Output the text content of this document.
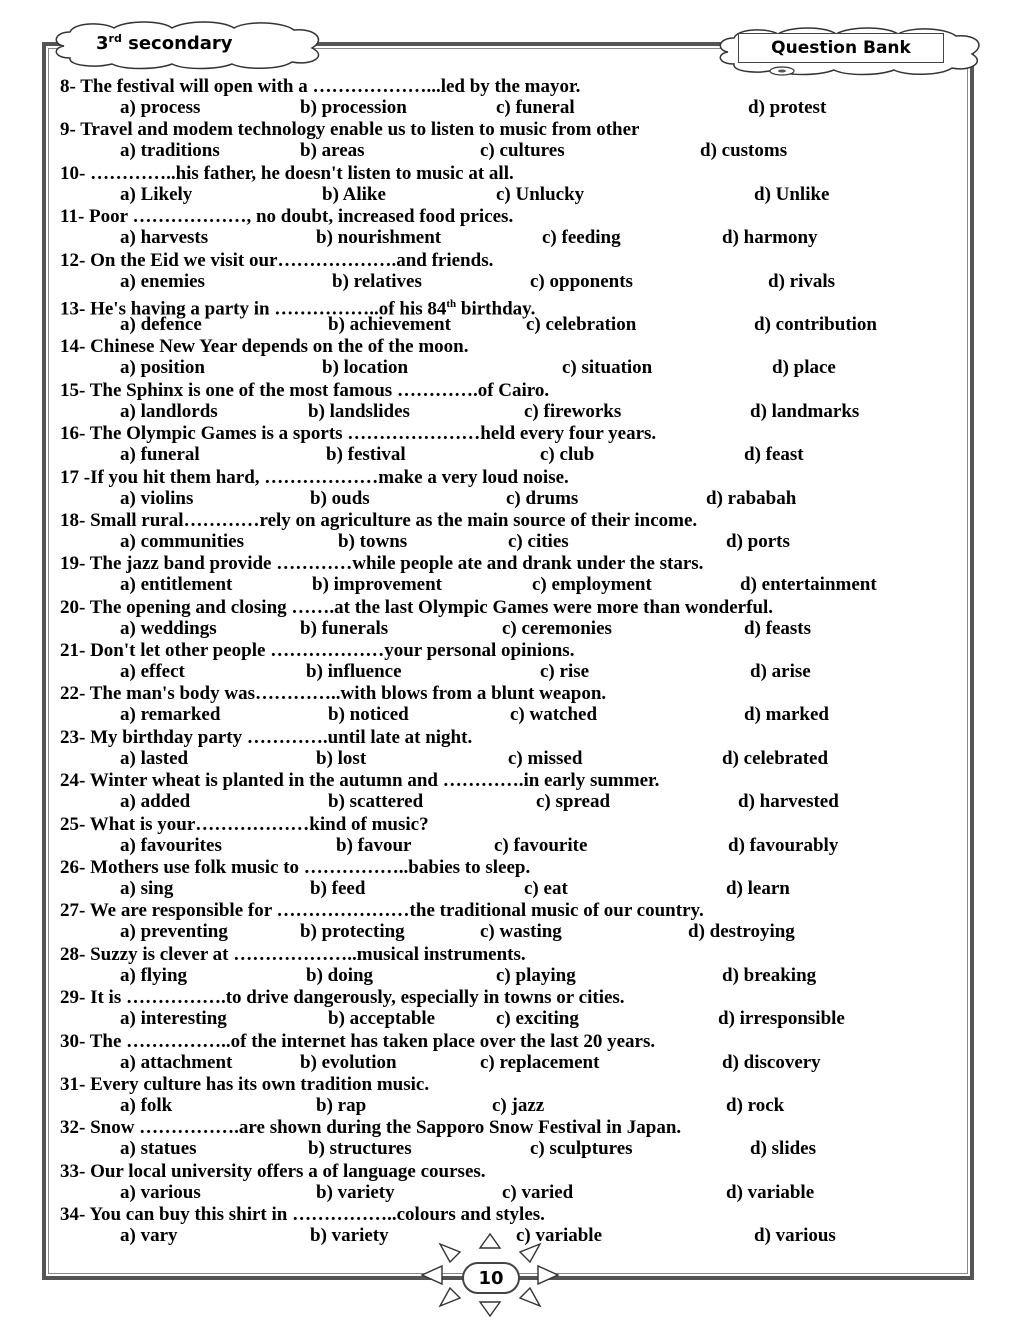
3rd secondary	Question Bank
8- The festival will open with a ………………...led by the mayor.
a) process	b) procession	c) funeral	d) protest
9- Travel and modem technology enable us to listen to music from other
a) traditions	b) areas	c) cultures	d) customs
10- …………..his father, he doesn't listen to music at all.
a) Likely	b) Alike	c) Unlucky	d) Unlike
11- Poor ………………, no doubt, increased food prices.
a) harvests	b) nourishment	c) feeding	d) harmony
12- On the Eid we visit our……………….and friends.
a) enemies	b) relatives	c) opponents	d) rivals
13- He's having a party in ……………..of his 84th birthday.
a) defence	b) achievement	c) celebration	d) contribution
14- Chinese New Year depends on the of the moon.
a) position	b) location	c) situation	d) place
15- The Sphinx is one of the most famous ………….of Cairo.
a) landlords	b) landslides	c) fireworks	d) landmarks
16- The Olympic Games is a sports …………………held every four years.
a) funeral	b) festival	c) club	d) feast
17 -If you hit them hard, ………………make a very loud noise.
a) violins	b) ouds	c) drums	d) rababah
18- Small rural…………rely on agriculture as the main source of their income.
a) communities	b) towns	c) cities	d) ports
19- The jazz band provide …………while people ate and drank under the stars.
a) entitlement	b) improvement	c) employment	d) entertainment
20- The opening and closing …….at the last Olympic Games were more than wonderful.
a) weddings	b) funerals	c) ceremonies	d) feasts
21- Don't let other people ………………your personal opinions.
a) effect	b) influence	c) rise	d) arise
22- The man's body was…………..with blows from a blunt weapon.
a) remarked	b) noticed	c) watched	d) marked
23- My birthday party ………….until late at night.
a) lasted	b) lost	c) missed	d) celebrated
24- Winter wheat is planted in the autumn and ………….in early summer.
a) added	b) scattered	c) spread	d) harvested
25- What is your………………kind of music?
a) favourites	b) favour	c) favourite	d) favourably
26- Mothers use folk music to ……………..babies to sleep.
a) sing	b) feed	c) eat	d) learn
27- We are responsible for …………………the traditional music of our country.
a) preventing	b) protecting	c) wasting	d) destroying
28- Suzzy is clever at ………………..musical instruments.
a) flying	b) doing	c) playing	d) breaking
29- It is …………….to drive dangerously, especially in towns or cities.
a) interesting	b) acceptable	c) exciting	d) irresponsible
30- The ……………..of the internet has taken place over the last 20 years.
a) attachment	b) evolution	c) replacement	d) discovery
31- Every culture has its own tradition music.
a) folk	b) rap	c) jazz	d) rock
32- Snow …………….are shown during the Sapporo Snow Festival in Japan.
a) statues	b) structures	c) sculptures	d) slides
33- Our local university offers a of language courses.
a) various	b) variety	c) varied	d) variable
34- You can buy this shirt in ……………..colours and styles.
a) vary	b) variety	c) variable	d) various
10
